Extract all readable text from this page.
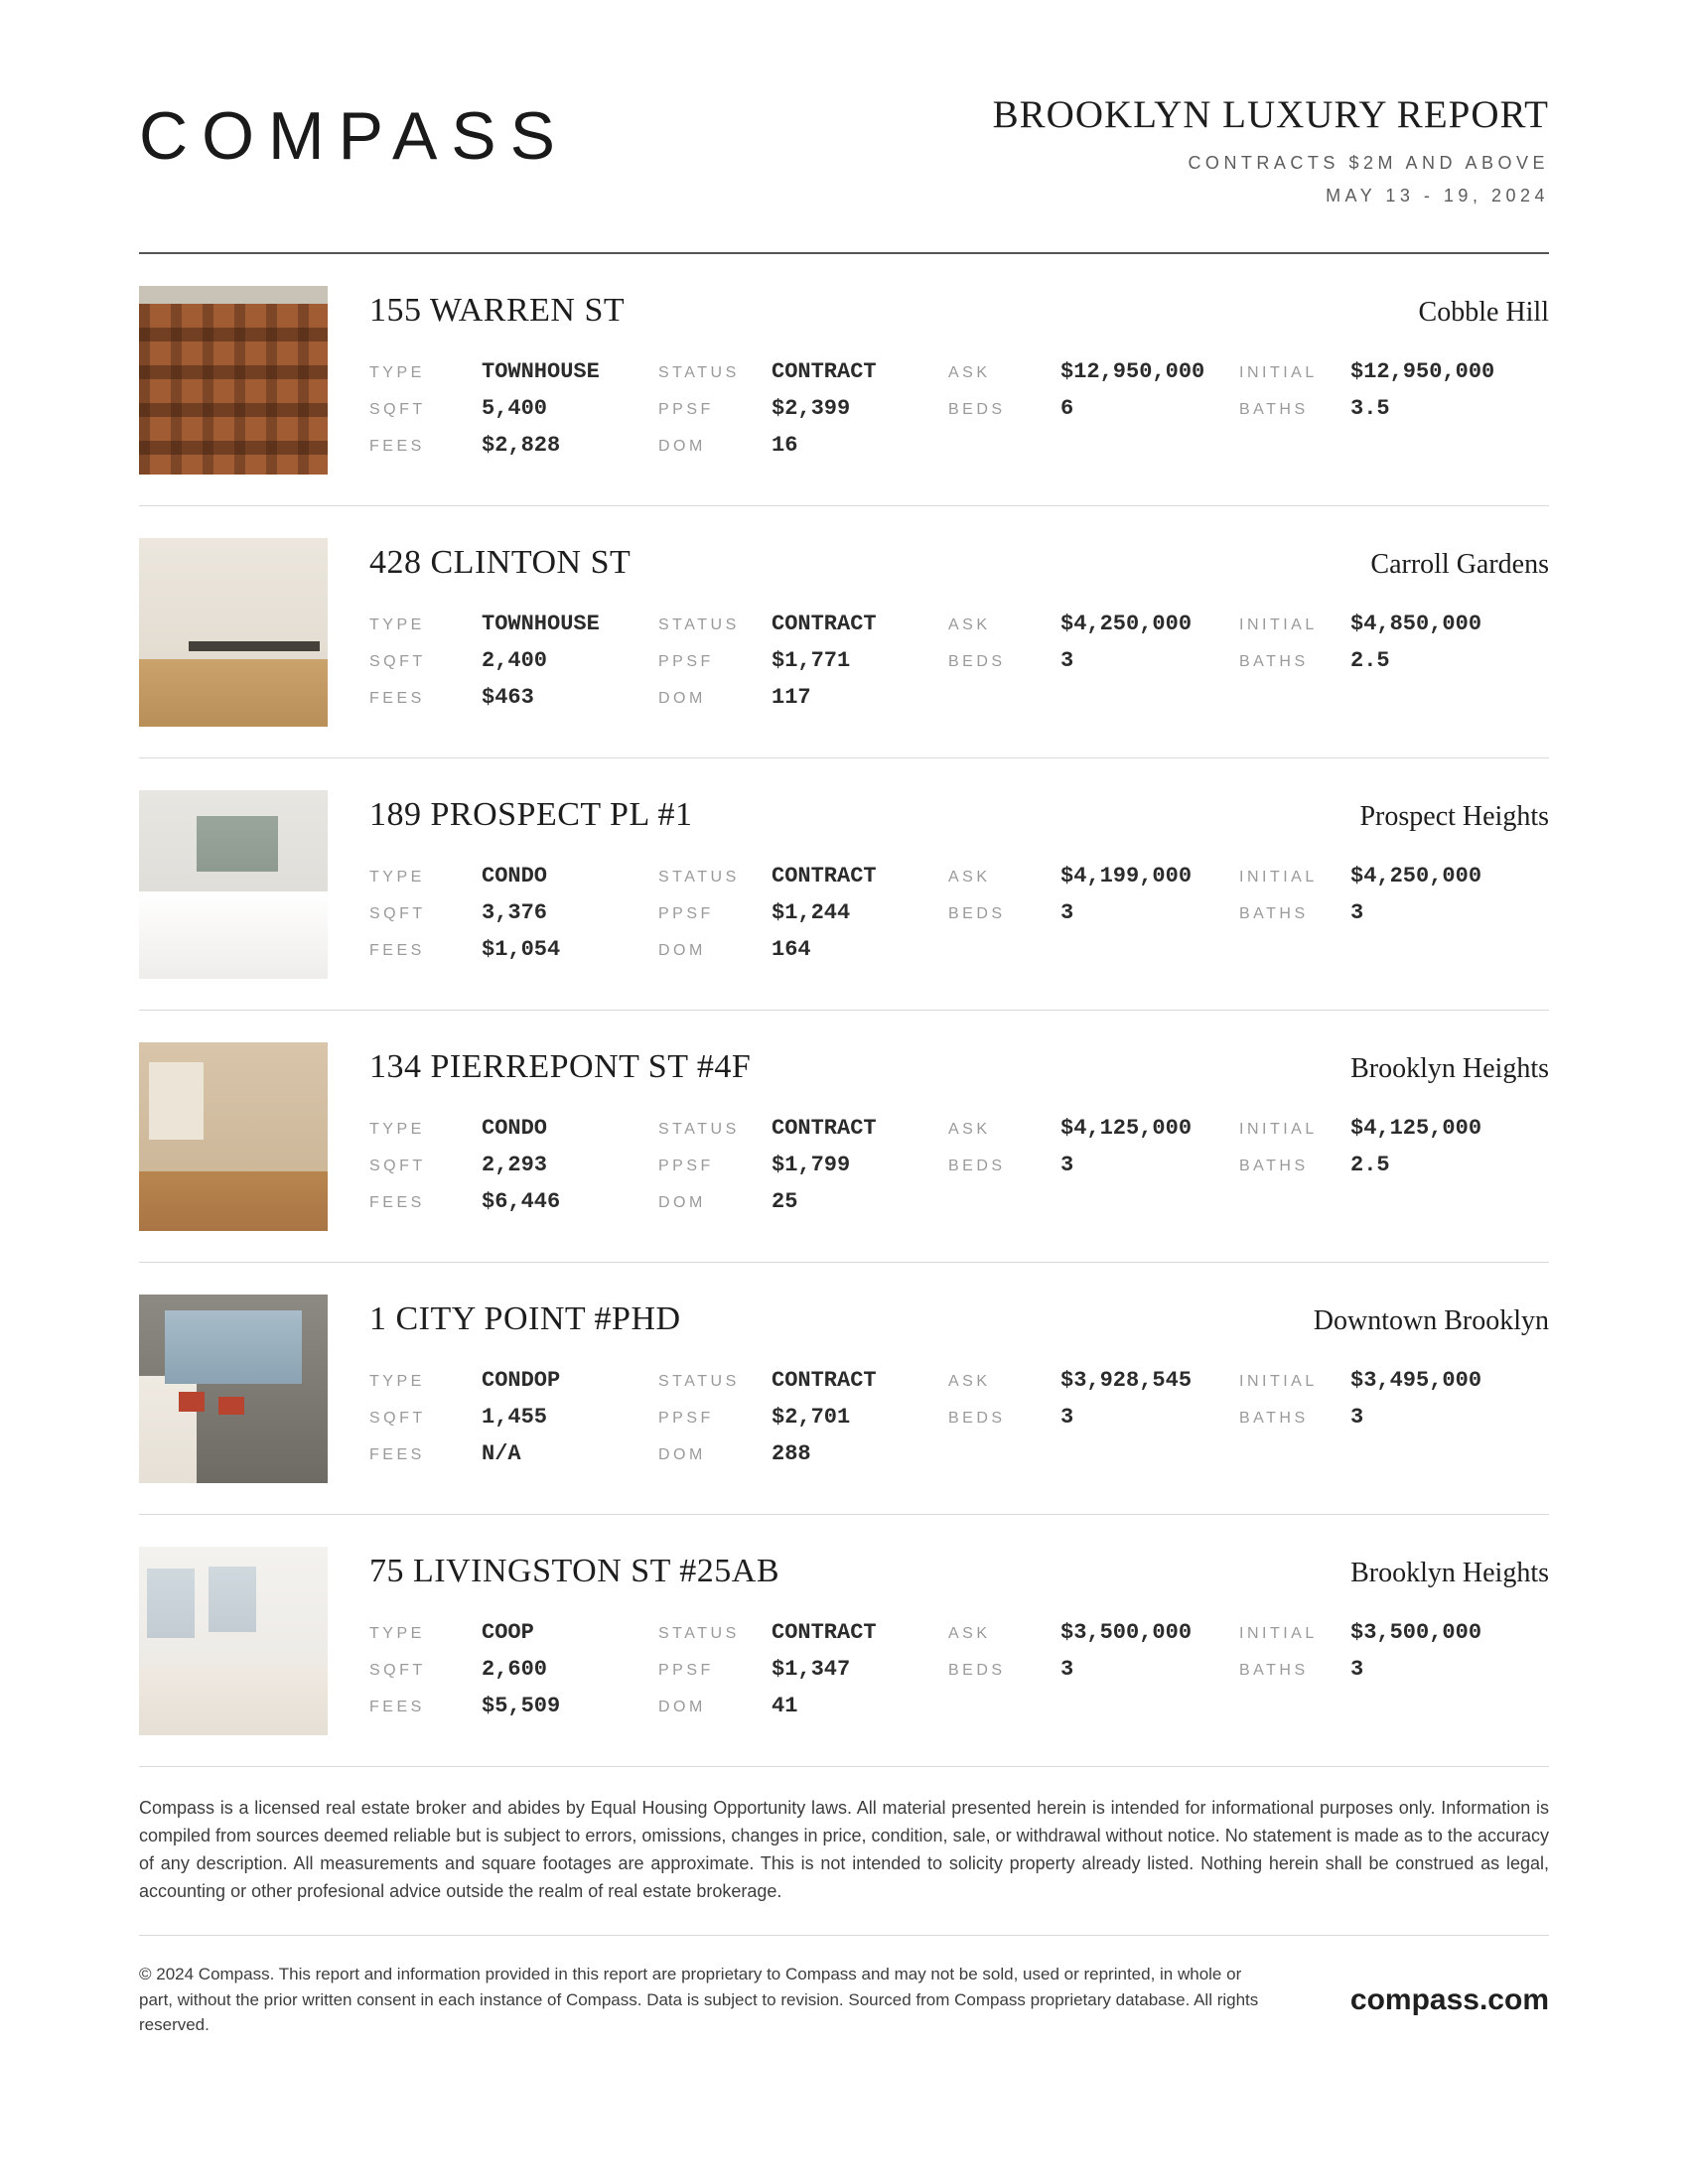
COMPASS	BROOKLYN LUXURY REPORT
CONTRACTS $2M AND ABOVE
MAY 13 - 19, 2024
155 WARREN ST	Cobble Hill
TYPE	TOWNHOUSE	STATUS	CONTRACT	ASK	$12,950,000	INITIAL	$12,950,000
SQFT	5,400	PPSF	$2,399	BEDS	6	BATHS	3.5
FEES	$2,828	DOM	16
428 CLINTON ST	Carroll Gardens
TYPE	TOWNHOUSE	STATUS	CONTRACT	ASK	$4,250,000	INITIAL	$4,850,000
SQFT	2,400	PPSF	$1,771	BEDS	3	BATHS	2.5
FEES	$463	DOM	117
189 PROSPECT PL #1	Prospect Heights
TYPE	CONDO	STATUS	CONTRACT	ASK	$4,199,000	INITIAL	$4,250,000
SQFT	3,376	PPSF	$1,244	BEDS	3	BATHS	3
FEES	$1,054	DOM	164
134 PIERREPONT ST #4F	Brooklyn Heights
TYPE	CONDO	STATUS	CONTRACT	ASK	$4,125,000	INITIAL	$4,125,000
SQFT	2,293	PPSF	$1,799	BEDS	3	BATHS	2.5
FEES	$6,446	DOM	25
1 CITY POINT #PHD	Downtown Brooklyn
TYPE	CONDOP	STATUS	CONTRACT	ASK	$3,928,545	INITIAL	$3,495,000
SQFT	1,455	PPSF	$2,701	BEDS	3	BATHS	3
FEES	N/A	DOM	288
75 LIVINGSTON ST #25AB	Brooklyn Heights
TYPE	COOP	STATUS	CONTRACT	ASK	$3,500,000	INITIAL	$3,500,000
SQFT	2,600	PPSF	$1,347	BEDS	3	BATHS	3
FEES	$5,509	DOM	41

Compass is a licensed real estate broker and abides by Equal Housing Opportunity laws. All material presented herein is intended for informational purposes only. Information is compiled from sources deemed reliable but is subject to errors, omissions, changes in price, condition, sale, or withdrawal without notice. No statement is made as to the accuracy of any description. All measurements and square footages are approximate. This is not intended to solicity property already listed. Nothing herein shall be construed as legal, accounting or other profesional advice outside the realm of real estate brokerage.

© 2024 Compass. This report and information provided in this report are proprietary to Compass and may not be sold, used or reprinted, in whole or part, without the prior written consent in each instance of Compass. Data is subject to revision. Sourced from Compass proprietary database. All rights reserved.

compass.com
